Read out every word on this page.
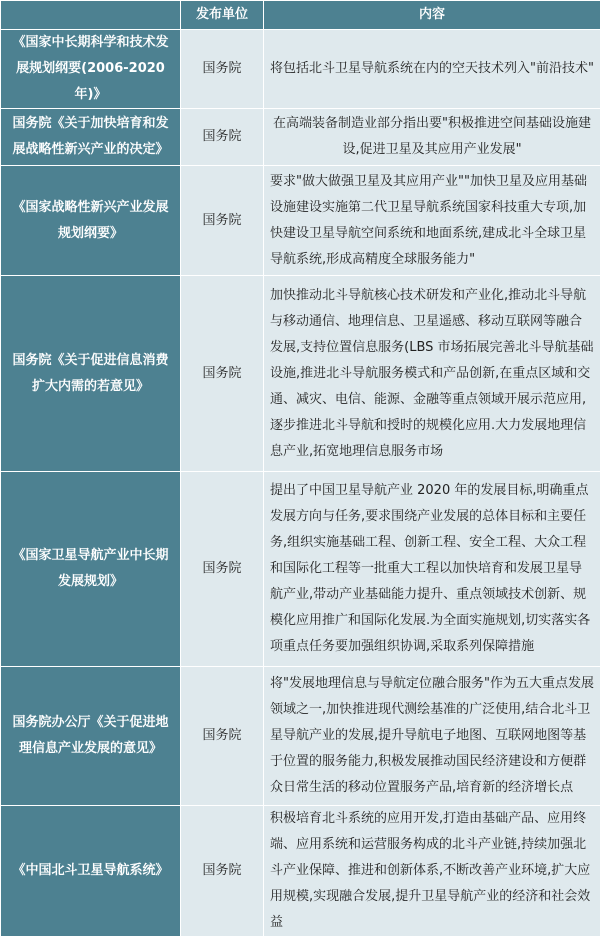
	发布单位	内容
《国家中长期科学和技术发展规划纲要(2006-2020 年)》	国务院	将包括北斗卫星导航系统在内的空天技术列入"前沿技术"
国务院《关于加快培育和发展战略性新兴产业的决定》	国务院	在高端装备制造业部分指出要"积极推进空间基础设施建设,促进卫星及其应用产业发展"
《国家战略性新兴产业发展规划纲要》	国务院	要求"做大做强卫星及其应用产业""加快卫星及应用基础设施建设实施第二代卫星导航系统国家科技重大专项,加快建设卫星导航空间系统和地面系统,建成北斗全球卫星导航系统,形成高精度全球服务能力"
国务院《关于促进信息消费扩大内需的若意见》	国务院	加快推动北斗导航核心技术研发和产业化,推动北斗导航与移动通信、地理信息、卫星遥感、移动互联网等融合发展,支持位置信息服务(LBS 市场拓展完善北斗导航基础设施,推进北斗导航服务模式和产品创新,在重点区域和交通、减灾、电信、能源、金融等重点领域开展示范应用,逐步推进北斗导航和授时的规模化应用.大力发展地理信息产业,拓宽地理信息服务市场
《国家卫星导航产业中长期发展规划》	国务院	提出了中国卫星导航产业 2020 年的发展目标,明确重点发展方向与任务,要求围绕产业发展的总体目标和主要任务,组织实施基础工程、创新工程、安全工程、大众工程和国际化工程等一批重大工程以加快培育和发展卫星导航产业,带动产业基础能力提升、重点领域技术创新、规模化应用推广和国际化发展.为全面实施规划,切实落实各项重点任务要加强组织协调,采取系列保障措施
国务院办公厅《关于促进地理信息产业发展的意见》	国务院	将"发展地理信息与导航定位融合服务"作为五大重点发展领域之一,加快推进现代测绘基准的广泛使用,结合北斗卫星导航产业的发展,提升导航电子地图、互联网地图等基于位置的服务能力,积极发展推动国民经济建设和方便群众日常生活的移动位置服务产品,培育新的经济增长点
《中国北斗卫星导航系统》	国务院	积极培育北斗系统的应用开发,打造由基础产品、应用终端、应用系统和运营服务构成的北斗产业链,持续加强北斗产业保障、推进和创新体系,不断改善产业环境,扩大应用规模,实现融合发展,提升卫星导航产业的经济和社会效益
